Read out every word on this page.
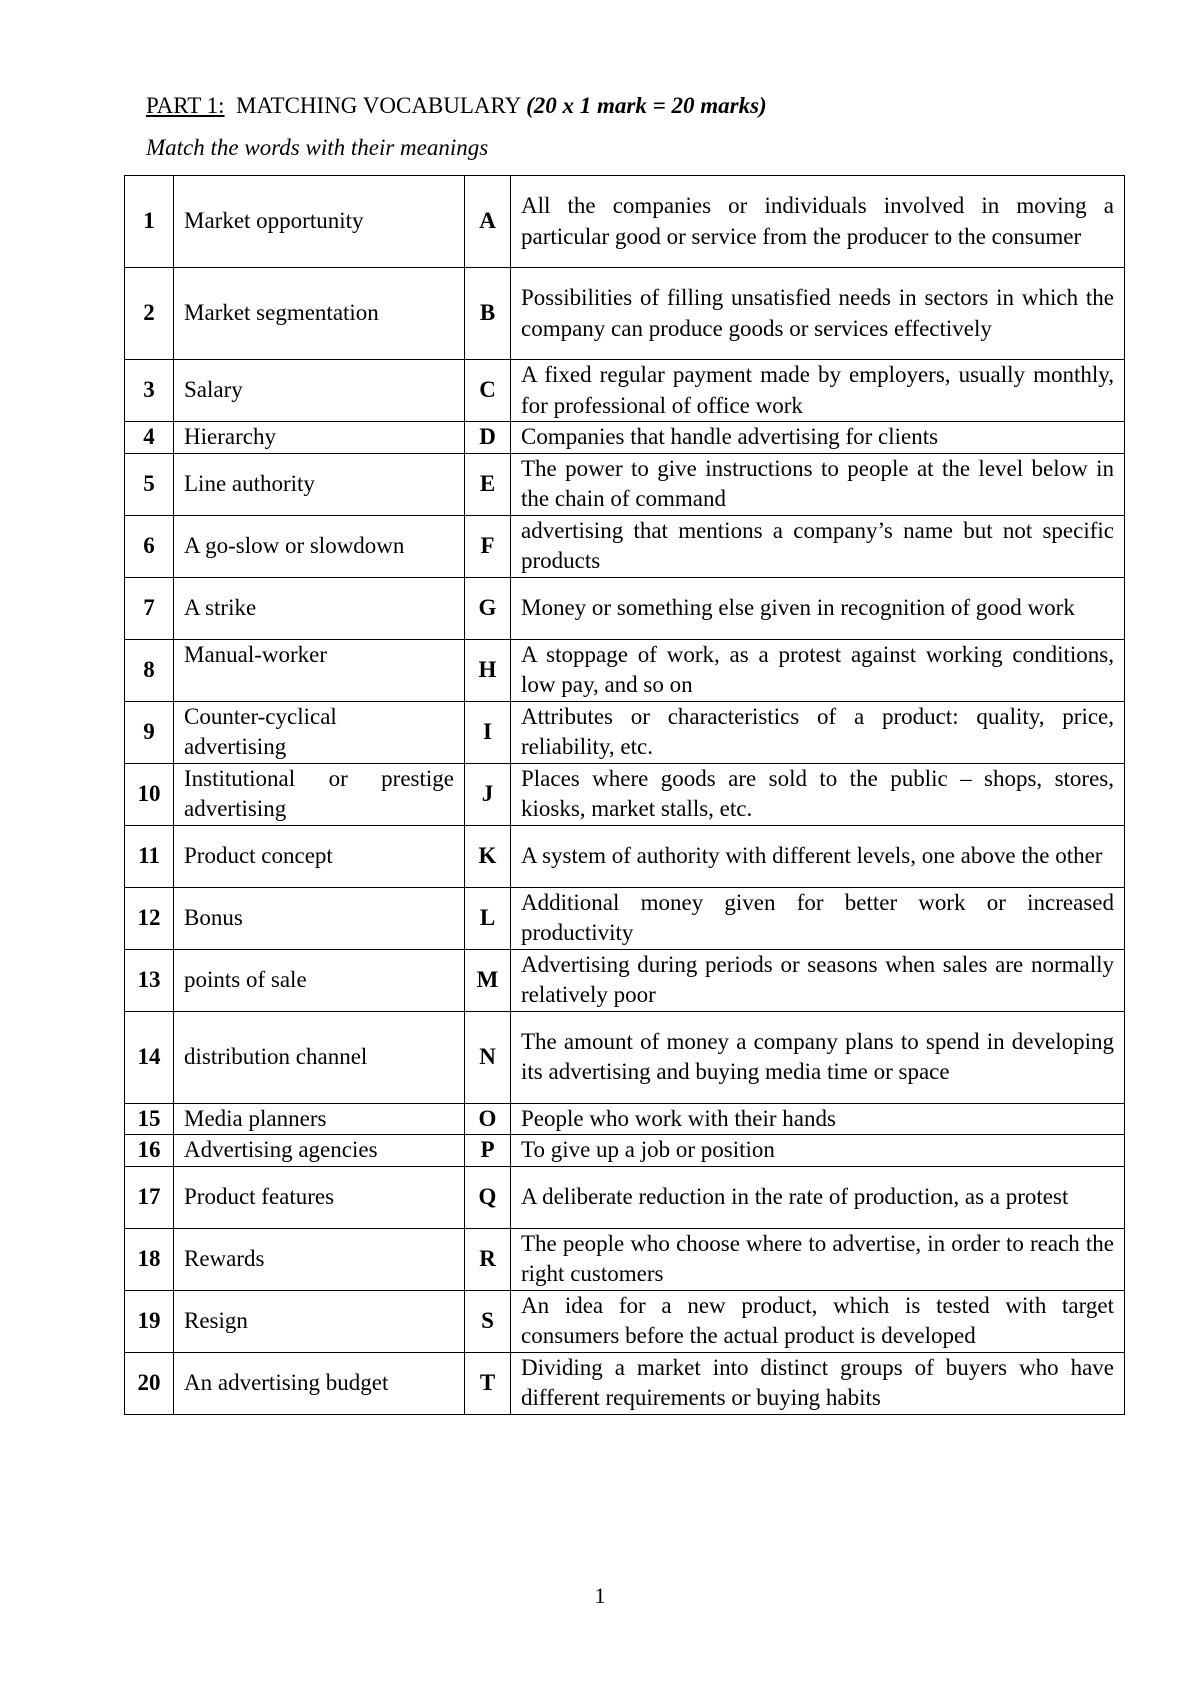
PART 1: MATCHING VOCABULARY (20 x 1 mark = 20 marks)
Match the words with their meanings
1	Market opportunity	A	All the companies or individuals involved in moving a particular good or service from the producer to the consumer
2	Market segmentation	B	Possibilities of filling unsatisfied needs in sectors in which the company can produce goods or services effectively
3	Salary	C	A fixed regular payment made by employers, usually monthly, for professional of office work
4	Hierarchy	D	Companies that handle advertising for clients
5	Line authority	E	The power to give instructions to people at the level below in the chain of command
6	A go-slow or slowdown	F	advertising that mentions a company’s name but not specific products
7	A strike	G	Money or something else given in recognition of good work
8	Manual-worker	H	A stoppage of work, as a protest against working conditions, low pay, and so on
9	Counter-cyclical advertising	I	Attributes or characteristics of a product: quality, price, reliability, etc.
10	Institutional or prestige advertising	J	Places where goods are sold to the public – shops, stores, kiosks, market stalls, etc.
11	Product concept	K	A system of authority with different levels, one above the other
12	Bonus	L	Additional money given for better work or increased productivity
13	points of sale	M	Advertising during periods or seasons when sales are normally relatively poor
14	distribution channel	N	The amount of money a company plans to spend in developing its advertising and buying media time or space
15	Media planners	O	People who work with their hands
16	Advertising agencies	P	To give up a job or position
17	Product features	Q	A deliberate reduction in the rate of production, as a protest
18	Rewards	R	The people who choose where to advertise, in order to reach the right customers
19	Resign	S	An idea for a new product, which is tested with target consumers before the actual product is developed
20	An advertising budget	T	Dividing a market into distinct groups of buyers who have different requirements or buying habits
1
